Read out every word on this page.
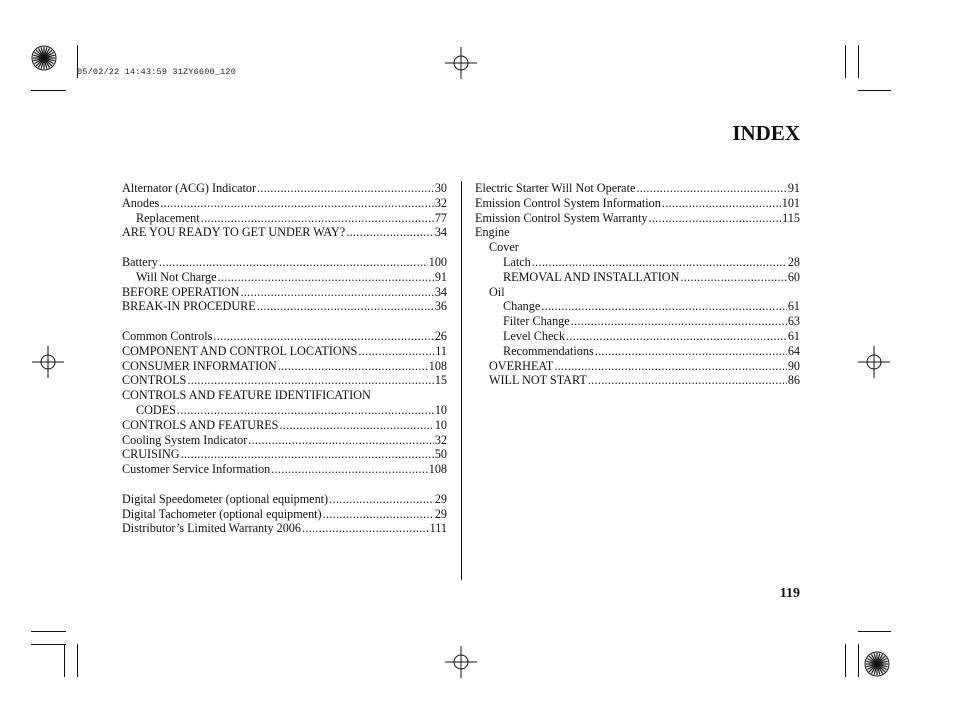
05/02/22 14:43:59 31ZY6600_120
INDEX
Alternator (ACG) Indicator .....	30
Anodes .....	32
Replacement .....	77
ARE YOU READY TO GET UNDER WAY? .....	34
Battery .....	100
Will Not Charge .....	91
BEFORE OPERATION .....	34
BREAK-IN PROCEDURE .....	36
Common Controls .....	26
COMPONENT AND CONTROL LOCATIONS .....	11
CONSUMER INFORMATION .....	108
CONTROLS .....	15
CONTROLS AND FEATURE IDENTIFICATION
CODES .....	10
CONTROLS AND FEATURES .....	10
Cooling System Indicator .....	32
CRUISING .....	50
Customer Service Information .....	108
Digital Speedometer (optional equipment) .....	29
Digital Tachometer (optional equipment) .....	29
Distributor’s Limited Warranty 2006 .....	111
Electric Starter Will Not Operate .....	91
Emission Control System Information .....	101
Emission Control System Warranty .....	115
Engine
Cover
Latch .....	28
REMOVAL AND INSTALLATION .....	60
Oil
Change .....	61
Filter Change .....	63
Level Check .....	61
Recommendations .....	64
OVERHEAT .....	90
WILL NOT START .....	86
119
